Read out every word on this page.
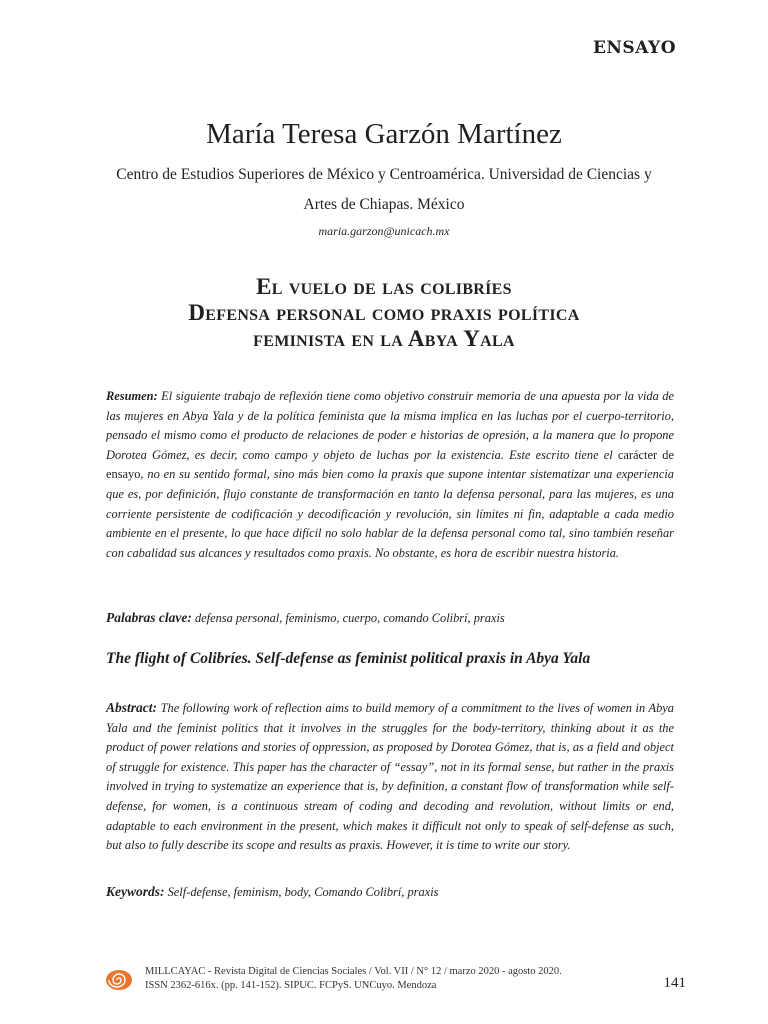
ENSAYO
María Teresa Garzón Martínez
Centro de Estudios Superiores de México y Centroamérica. Universidad de Ciencias y Artes de Chiapas. México
maria.garzon@unicach.mx
El vuelo de las colibríes
Defensa personal como praxis política
feminista en la Abya Yala
Resumen: El siguiente trabajo de reflexión tiene como objetivo construir memoria de una apuesta por la vida de las mujeres en Abya Yala y de la política feminista que la misma implica en las luchas por el cuerpo-territorio, pensado el mismo como el producto de relaciones de poder e historias de opresión, a la manera que lo propone Dorotea Gómez, es decir, como campo y objeto de luchas por la existencia. Este escrito tiene el carácter de ensayo, no en su sentido formal, sino más bien como la praxis que supone intentar sistematizar una experiencia que es, por definición, flujo constante de transformación en tanto la defensa personal, para las mujeres, es una corriente persistente de codificación y decodificación y revolución, sin límites ni fin, adaptable a cada medio ambiente en el presente, lo que hace difícil no solo hablar de la defensa personal como tal, sino también reseñar con cabalidad sus alcances y resultados como praxis. No obstante, es hora de escribir nuestra historia.
Palabras clave: defensa personal, feminismo, cuerpo, comando Colibrí, praxis
The flight of Colibríes. Self-defense as feminist political praxis in Abya Yala
Abstract: The following work of reflection aims to build memory of a commitment to the lives of women in Abya Yala and the feminist politics that it involves in the struggles for the body-territory, thinking about it as the product of power relations and stories of oppression, as proposed by Dorotea Gómez, that is, as a field and object of struggle for existence. This paper has the character of “essay”, not in its formal sense, but rather in the praxis involved in trying to systematize an experience that is, by definition, a constant flow of transformation while self-defense, for women, is a continuous stream of coding and decoding and revolution, without limits or end, adaptable to each environment in the present, which makes it difficult not only to speak of self-defense as such, but also to fully describe its scope and results as praxis. However, it is time to write our story.
Keywords: Self-defense, feminism, body, Comando Colibrí, praxis
MILLCAYAC - Revista Digital de Ciencias Sociales / Vol. VII / N° 12 / marzo 2020 - agosto 2020.
ISSN 2362-616x. (pp. 141-152). SIPUC. FCPyS. UNCuyo. Mendoza	141
